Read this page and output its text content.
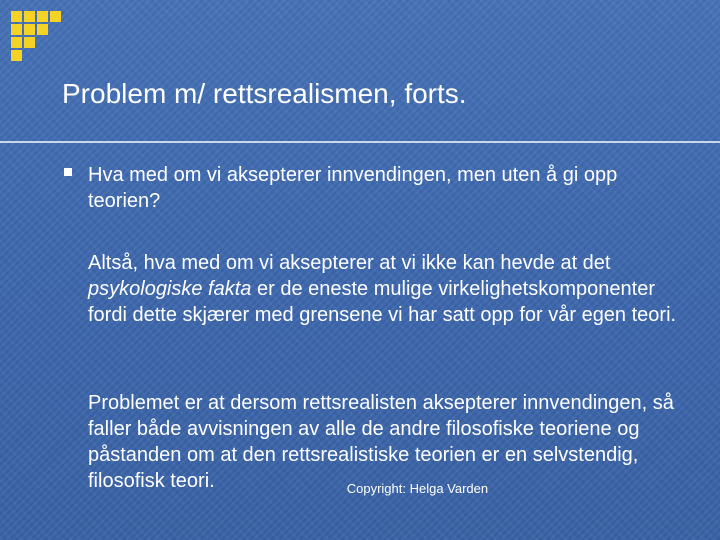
Problem m/ rettsrealismen, forts.

Hva med om vi aksepterer innvendingen, men uten å gi opp teorien?

Altså, hva med om vi aksepterer at vi ikke kan hevde at det psykologiske fakta er de eneste mulige virkelighetskomponenter fordi dette skjærer med grensene vi har satt opp for vår egen teori.

Problemet er at dersom rettsrealisten aksepterer innvendingen, så faller både avvisningen av alle de andre filosofiske teoriene og påstanden om at den rettsrealistiske teorien er en selvstendig, filosofisk teori.	Copyright: Helga Varden
